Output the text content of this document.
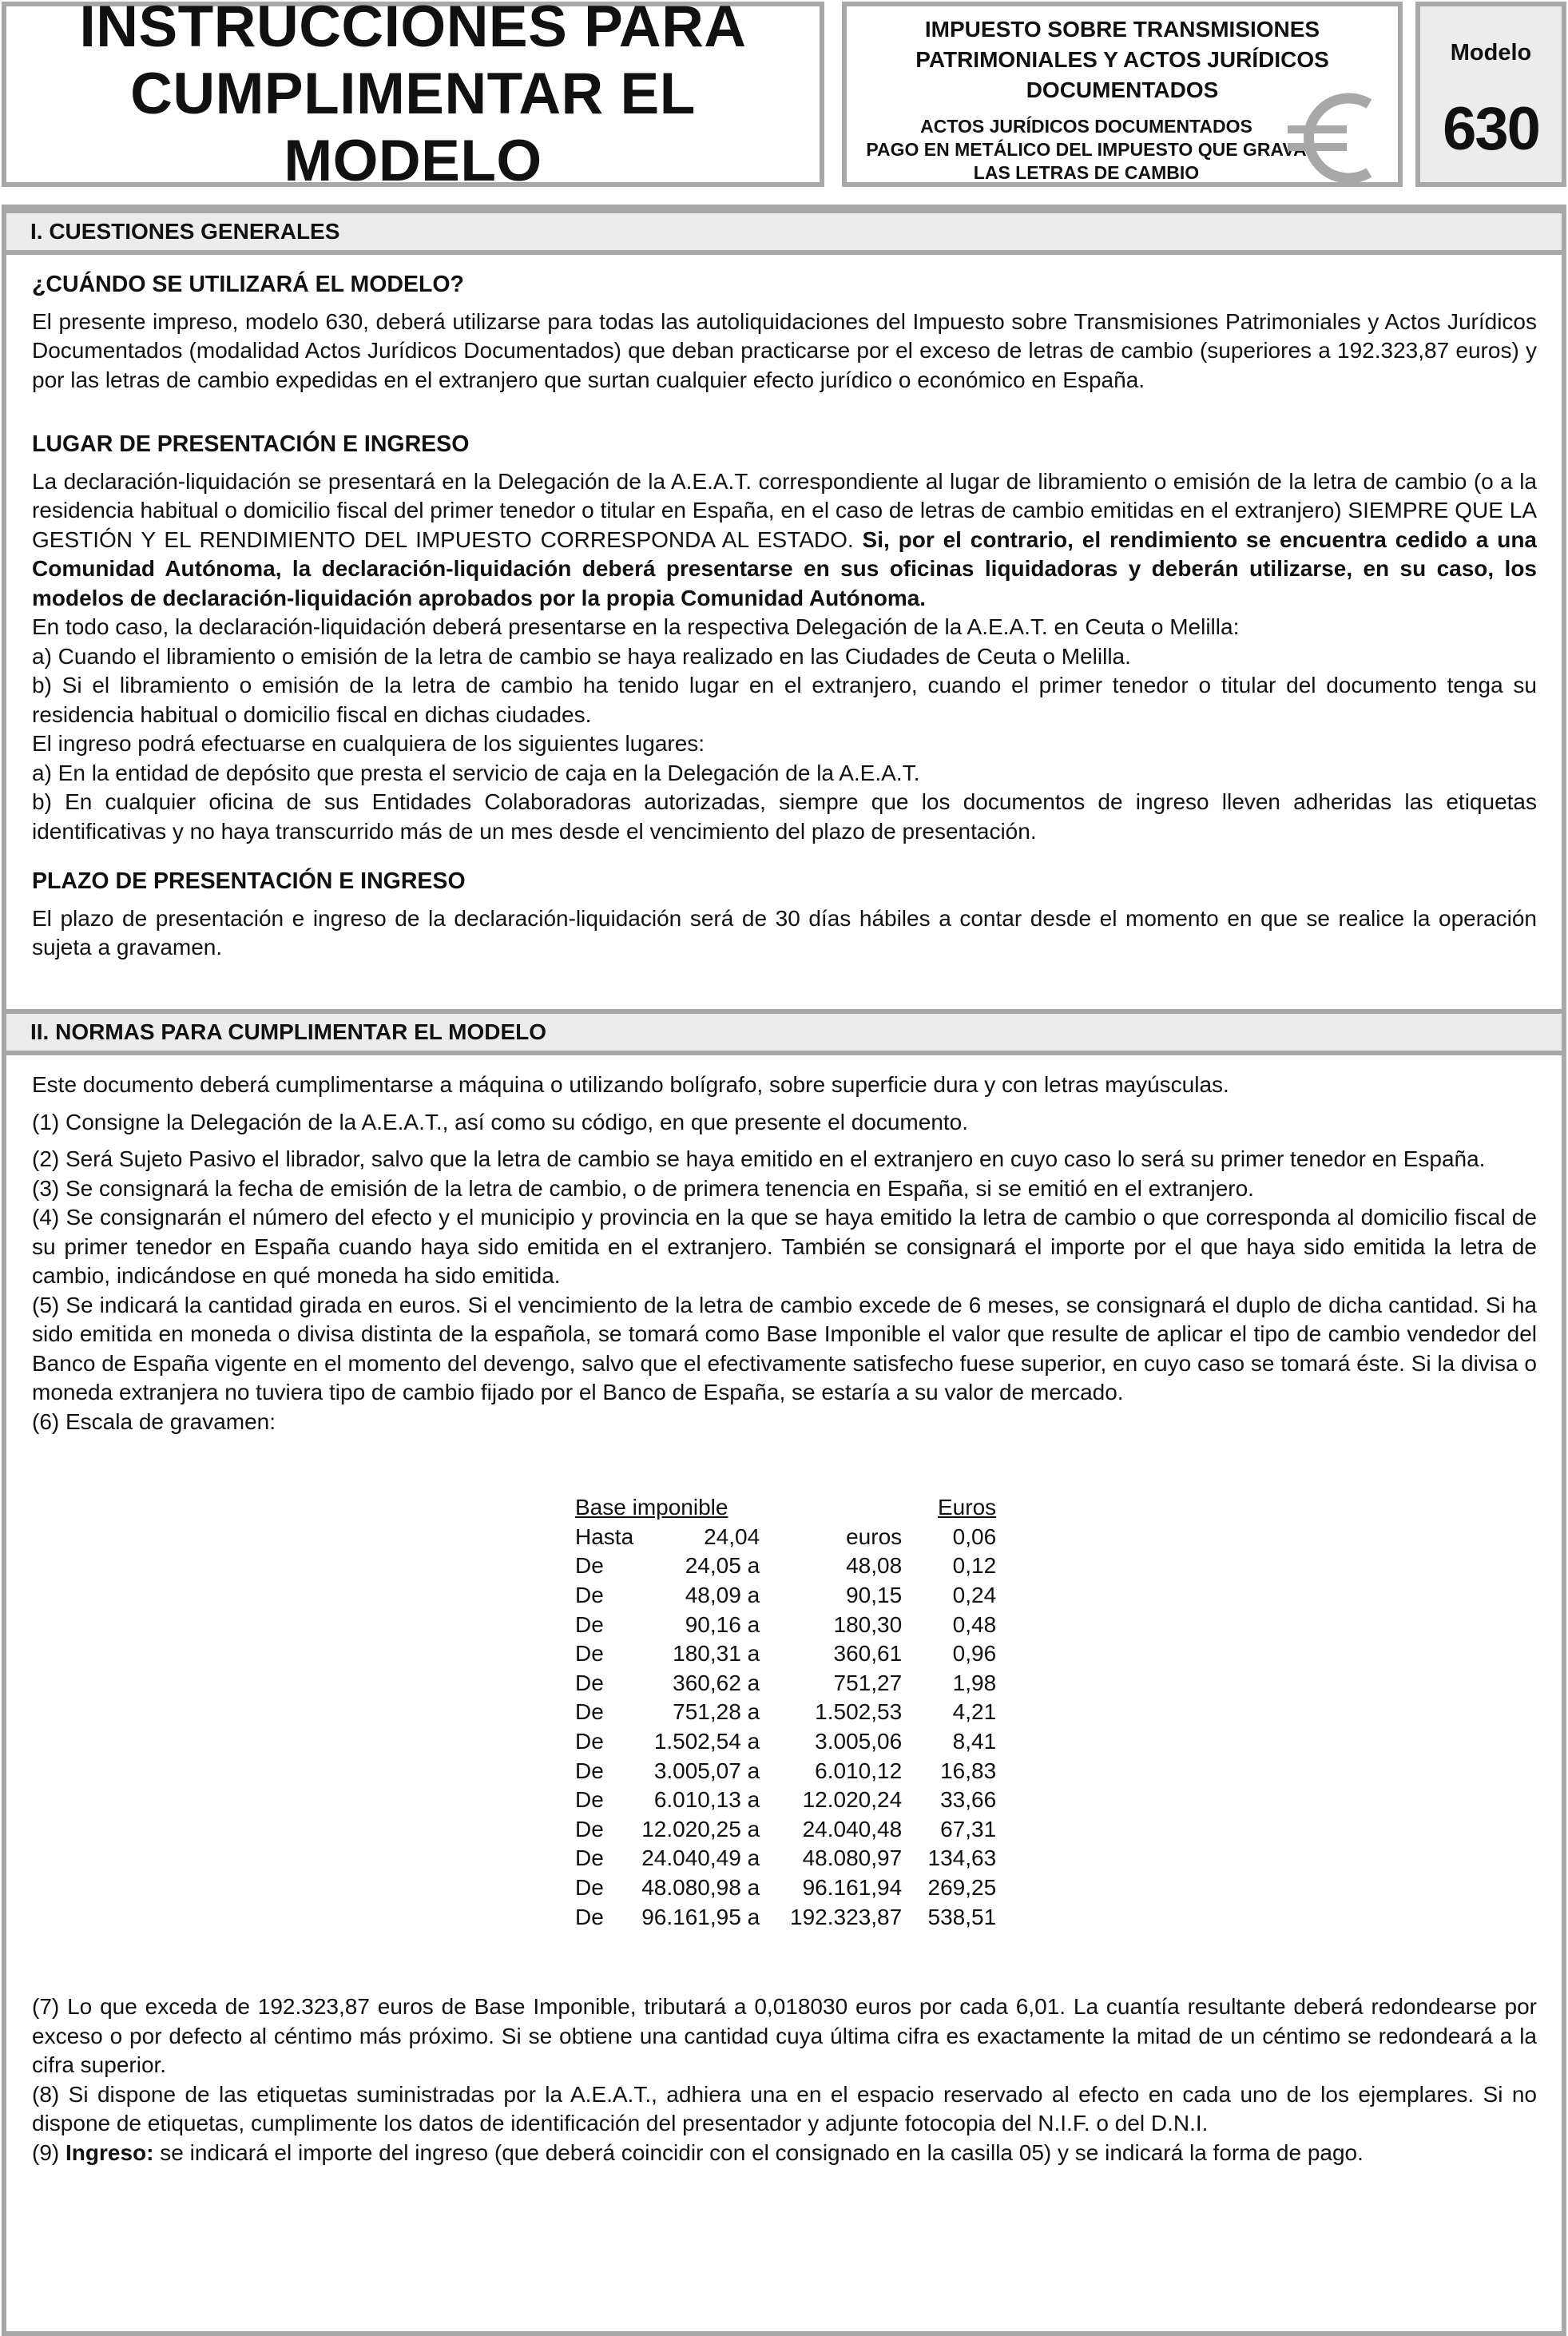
INSTRUCCIONES PARA
CUMPLIMENTAR EL MODELO
IMPUESTO SOBRE TRANSMISIONES
PATRIMONIALES Y ACTOS JURÍDICOS
DOCUMENTADOS
ACTOS JURÍDICOS DOCUMENTADOS
PAGO EN METÁLICO DEL IMPUESTO QUE GRAVA
LAS LETRAS DE CAMBIO
Modelo
630
I. CUESTIONES GENERALES

¿CUÁNDO SE UTILIZARÁ EL MODELO?

El presente impreso, modelo 630, deberá utilizarse para todas las autoliquidaciones del Impuesto sobre Transmisiones Patrimoniales y Actos Jurídicos Documentados (modalidad Actos Jurídicos Documentados) que deban practicarse por el exceso de letras de cambio (superiores a 192.323,87 euros) y por las letras de cambio expedidas en el extranjero que surtan cualquier efecto jurídico o económico en España.

LUGAR DE PRESENTACIÓN E INGRESO

La declaración-liquidación se presentará en la Delegación de la A.E.A.T. correspondiente al lugar de libramiento o emisión de la letra de cambio (o a la residencia habitual o domicilio fiscal del primer tenedor o titular en España, en el caso de letras de cambio emitidas en el extranjero) SIEMPRE QUE LA GESTIÓN Y EL RENDIMIENTO DEL IMPUESTO CORRESPONDA AL ESTADO. Si, por el contrario, el rendimiento se encuentra cedido a una Comunidad Autónoma, la declaración-liquidación deberá presentarse en sus oficinas liquidadoras y deberán utilizarse, en su caso, los modelos de declaración-liquidación aprobados por la propia Comunidad Autónoma.

En todo caso, la declaración-liquidación deberá presentarse en la respectiva Delegación de la A.E.A.T. en Ceuta o Melilla:

a) Cuando el libramiento o emisión de la letra de cambio se haya realizado en las Ciudades de Ceuta o Melilla.

b) Si el libramiento o emisión de la letra de cambio ha tenido lugar en el extranjero, cuando el primer tenedor o titular del documento tenga su residencia habitual o domicilio fiscal en dichas ciudades.

El ingreso podrá efectuarse en cualquiera de los siguientes lugares:

a) En la entidad de depósito que presta el servicio de caja en la Delegación de la A.E.A.T.

b) En cualquier oficina de sus Entidades Colaboradoras autorizadas, siempre que los documentos de ingreso lleven adheridas las etiquetas identificativas y no haya transcurrido más de un mes desde el vencimiento del plazo de presentación.

PLAZO DE PRESENTACIÓN E INGRESO

El plazo de presentación e ingreso de la declaración-liquidación será de 30 días hábiles a contar desde el momento en que se realice la operación sujeta a gravamen.

II. NORMAS PARA CUMPLIMENTAR EL MODELO

Este documento deberá cumplimentarse a máquina o utilizando bolígrafo, sobre superficie dura y con letras mayúsculas.

(1) Consigne la Delegación de la A.E.A.T., así como su código, en que presente el documento.

(2) Será Sujeto Pasivo el librador, salvo que la letra de cambio se haya emitido en el extranjero en cuyo caso lo será su primer tenedor en España.

(3) Se consignará la fecha de emisión de la letra de cambio, o de primera tenencia en España, si se emitió en el extranjero.

(4) Se consignarán el número del efecto y el municipio y provincia en la que se haya emitido la letra de cambio o que corresponda al domicilio fiscal de su primer tenedor en España cuando haya sido emitida en el extranjero. También se consignará el importe por el que haya sido emitida la letra de cambio, indicándose en qué moneda ha sido emitida.

(5) Se indicará la cantidad girada en euros. Si el vencimiento de la letra de cambio excede de 6 meses, se consignará el duplo de dicha cantidad. Si ha sido emitida en moneda o divisa distinta de la española, se tomará como Base Imponible el valor que resulte de aplicar el tipo de cambio vendedor del Banco de España vigente en el momento del devengo, salvo que el efectivamente satisfecho fuese superior, en cuyo caso se tomará éste. Si la divisa o moneda extranjera no tuviera tipo de cambio fijado por el Banco de España, se estaría a su valor de mercado.

(6) Escala de gravamen:

Base imponible			Euros
Hasta	24,04	euros	0,06
De	24,05 a	48,08	0,12
De	48,09 a	90,15	0,24
De	90,16 a	180,30	0,48
De	180,31 a	360,61	0,96
De	360,62 a	751,27	1,98
De	751,28 a	1.502,53	4,21
De	1.502,54 a	3.005,06	8,41
De	3.005,07 a	6.010,12	16,83
De	6.010,13 a	12.020,24	33,66
De	12.020,25 a	24.040,48	67,31
De	24.040,49 a	48.080,97	134,63
De	48.080,98 a	96.161,94	269,25
De	96.161,95 a	192.323,87	538,51

(7) Lo que exceda de 192.323,87 euros de Base Imponible, tributará a 0,018030 euros por cada 6,01. La cuantía resultante deberá redondearse por exceso o por defecto al céntimo más próximo. Si se obtiene una cantidad cuya última cifra es exactamente la mitad de un céntimo se redondeará a la cifra superior.

(8) Si dispone de las etiquetas suministradas por la A.E.A.T., adhiera una en el espacio reservado al efecto en cada uno de los ejemplares. Si no dispone de etiquetas, cumplimente los datos de identificación del presentador y adjunte fotocopia del N.I.F. o del D.N.I.

(9) Ingreso: se indicará el importe del ingreso (que deberá coincidir con el consignado en la casilla 05) y se indicará la forma de pago.
